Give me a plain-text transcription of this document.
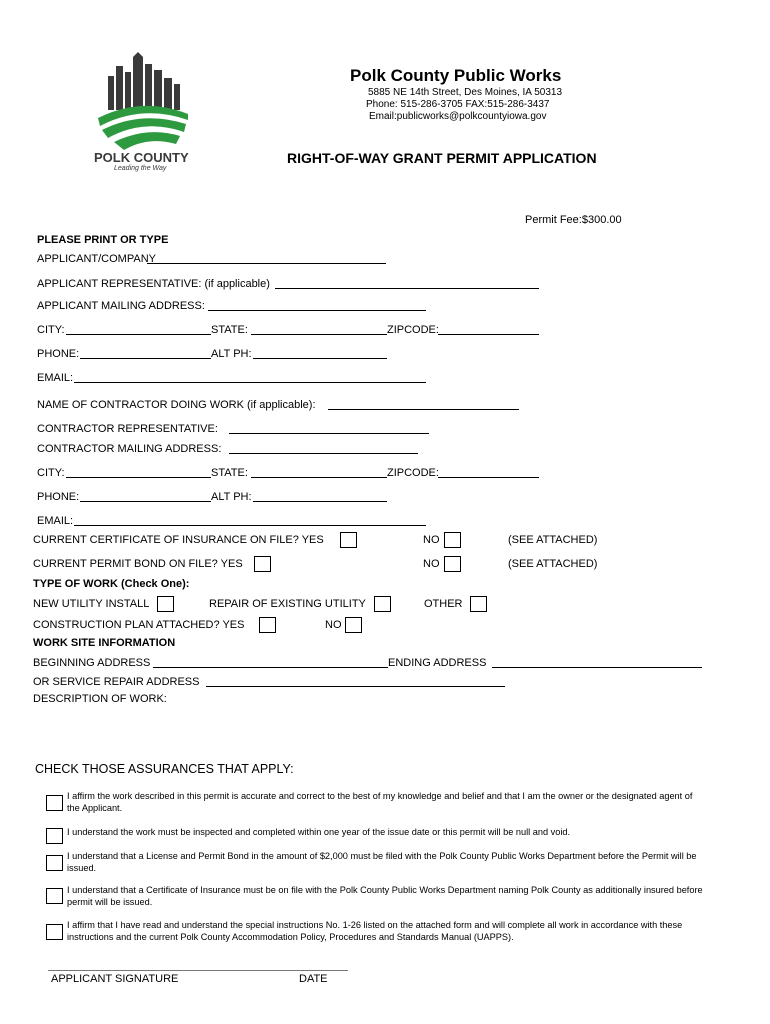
POLK COUNTY
Leading the Way
Polk County Public Works
5885 NE 14th Street, Des Moines, IA 50313
Phone: 515-286-3705 FAX:515-286-3437
Email:publicworks@polkcountyiowa.gov
RIGHT-OF-WAY GRANT PERMIT APPLICATION
Permit Fee:$300.00
PLEASE PRINT OR TYPE
APPLICANT/COMPANY
APPLICANT REPRESENTATIVE: (if applicable)
APPLICANT MAILING ADDRESS:
CITY:	STATE:	ZIPCODE:
PHONE:	ALT PH:
EMAIL:
NAME OF CONTRACTOR DOING WORK (if applicable):
CONTRACTOR REPRESENTATIVE:
CONTRACTOR MAILING ADDRESS:
CITY:	STATE:	ZIPCODE:
PHONE:	ALT PH:
EMAIL:
CURRENT CERTIFICATE OF INSURANCE ON FILE? YES	NO	(SEE ATTACHED)
CURRENT PERMIT BOND ON FILE? YES	NO	(SEE ATTACHED)
TYPE OF WORK (Check One):
NEW UTILITY INSTALL	REPAIR OF EXISTING UTILITY	OTHER
CONSTRUCTION PLAN ATTACHED? YES	NO
WORK SITE INFORMATION
BEGINNING ADDRESS	ENDING ADDRESS
OR SERVICE REPAIR ADDRESS
DESCRIPTION OF WORK:
CHECK THOSE ASSURANCES THAT APPLY:
I affirm the work described in this permit is accurate and correct to the best of my knowledge and belief and that I am the owner or the designated agent of the Applicant.
I understand the work must be inspected and completed within one year of the issue date or this permit will be null and void.
I understand that a License and Permit Bond in the amount of $2,000 must be filed with the Polk County Public Works Department before the Permit will be issued.
I understand that a Certificate of Insurance must be on file with the Polk County Public Works Department naming Polk County as additionally insured before permit will be issued.
I affirm that I have read and understand the special instructions No. 1-26 listed on the attached form and will complete all work in accordance with these instructions and the current Polk County Accommodation Policy, Procedures and Standards Manual (UAPPS).
APPLICANT SIGNATURE	DATE
